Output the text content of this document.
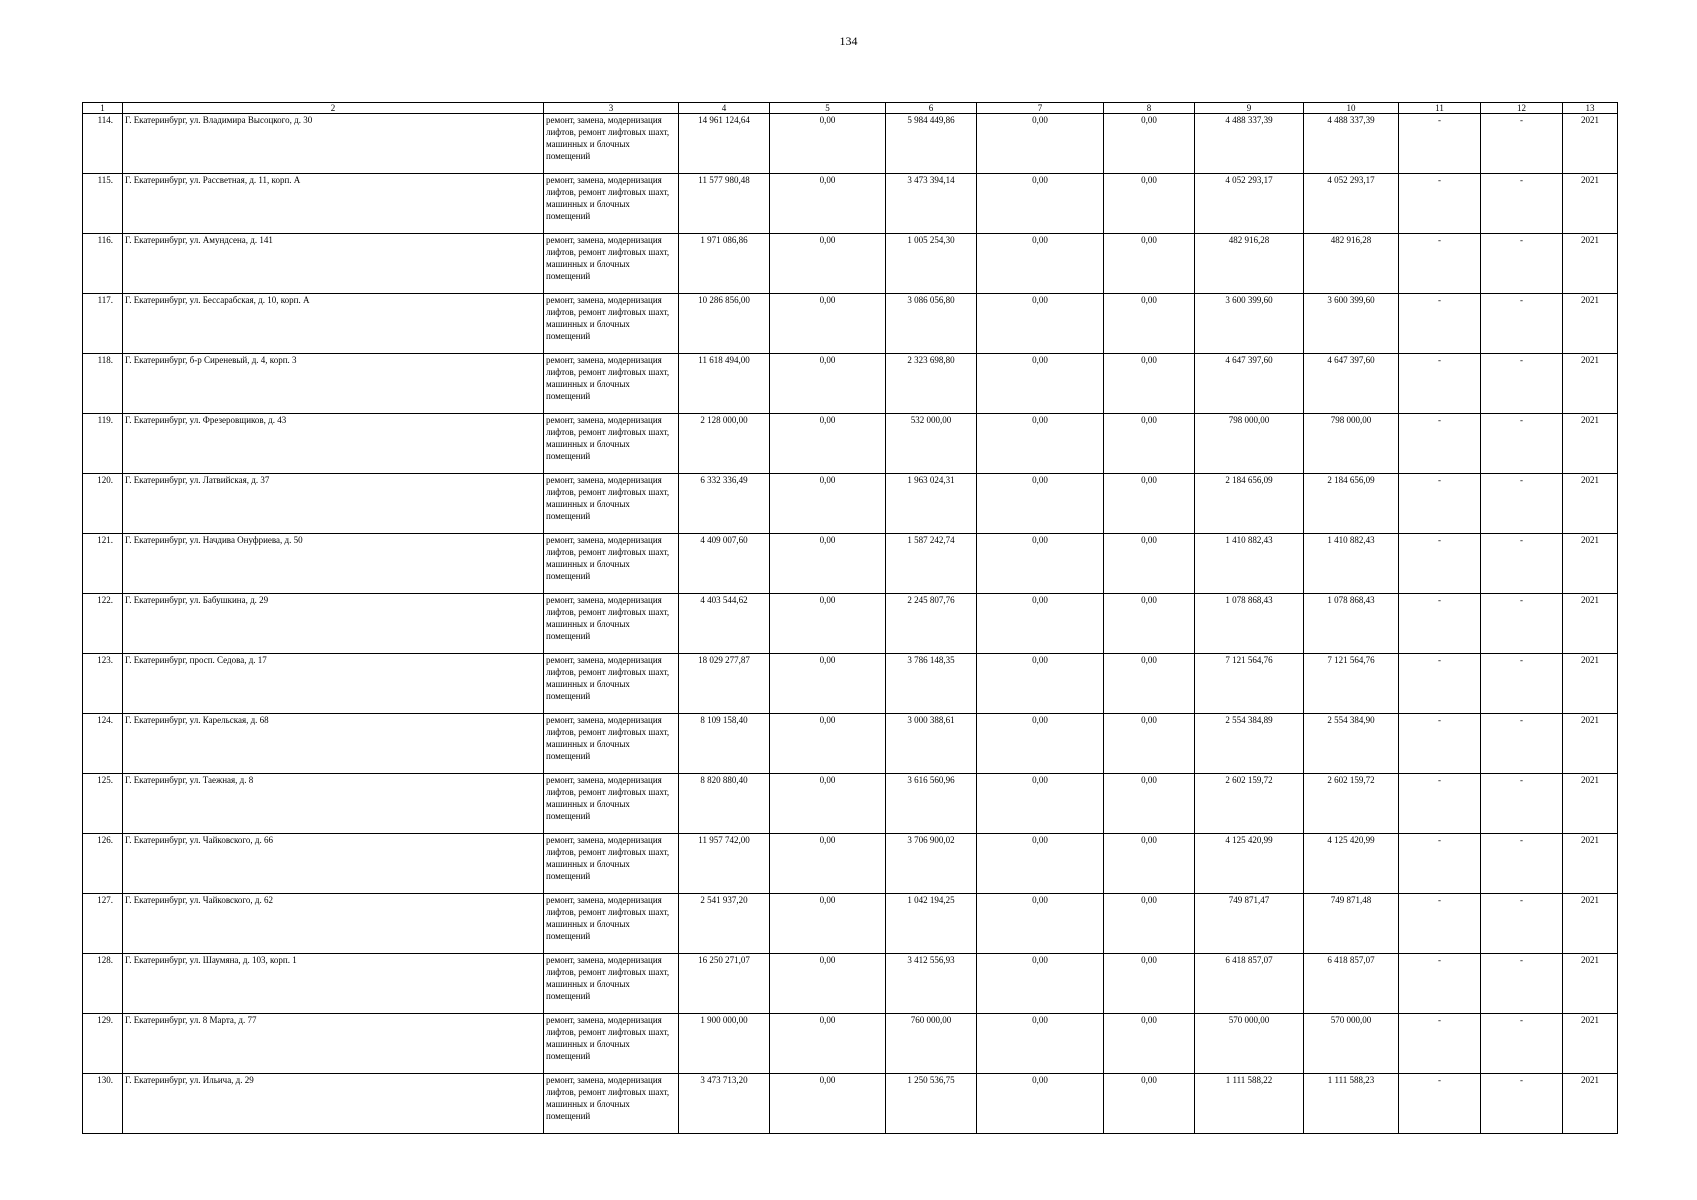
134
1	2	3	4	5	6	7	8	9	10	11	12	13
114.	Г. Екатеринбург, ул. Владимира Высоцкого, д. 30	ремонт, замена, модернизация лифтов, ремонт лифтовых шахт, машинных и блочных помещений	14 961 124,64	0,00	5 984 449,86	0,00	0,00	4 488 337,39	4 488 337,39	-	-	2021
115.	Г. Екатеринбург, ул. Рассветная, д. 11, корп. А	ремонт, замена, модернизация лифтов, ремонт лифтовых шахт, машинных и блочных помещений	11 577 980,48	0,00	3 473 394,14	0,00	0,00	4 052 293,17	4 052 293,17	-	-	2021
116.	Г. Екатеринбург, ул. Амундсена, д. 141	ремонт, замена, модернизация лифтов, ремонт лифтовых шахт, машинных и блочных помещений	1 971 086,86	0,00	1 005 254,30	0,00	0,00	482 916,28	482 916,28	-	-	2021
117.	Г. Екатеринбург, ул. Бессарабская, д. 10, корп. А	ремонт, замена, модернизация лифтов, ремонт лифтовых шахт, машинных и блочных помещений	10 286 856,00	0,00	3 086 056,80	0,00	0,00	3 600 399,60	3 600 399,60	-	-	2021
118.	Г. Екатеринбург, б-р Сиреневый, д. 4, корп. 3	ремонт, замена, модернизация лифтов, ремонт лифтовых шахт, машинных и блочных помещений	11 618 494,00	0,00	2 323 698,80	0,00	0,00	4 647 397,60	4 647 397,60	-	-	2021
119.	Г. Екатеринбург, ул. Фрезеровщиков, д. 43	ремонт, замена, модернизация лифтов, ремонт лифтовых шахт, машинных и блочных помещений	2 128 000,00	0,00	532 000,00	0,00	0,00	798 000,00	798 000,00	-	-	2021
120.	Г. Екатеринбург, ул. Латвийская, д. 37	ремонт, замена, модернизация лифтов, ремонт лифтовых шахт, машинных и блочных помещений	6 332 336,49	0,00	1 963 024,31	0,00	0,00	2 184 656,09	2 184 656,09	-	-	2021
121.	Г. Екатеринбург, ул. Начдива Онуфриева, д. 50	ремонт, замена, модернизация лифтов, ремонт лифтовых шахт, машинных и блочных помещений	4 409 007,60	0,00	1 587 242,74	0,00	0,00	1 410 882,43	1 410 882,43	-	-	2021
122.	Г. Екатеринбург, ул. Бабушкина, д. 29	ремонт, замена, модернизация лифтов, ремонт лифтовых шахт, машинных и блочных помещений	4 403 544,62	0,00	2 245 807,76	0,00	0,00	1 078 868,43	1 078 868,43	-	-	2021
123.	Г. Екатеринбург, просп. Седова, д. 17	ремонт, замена, модернизация лифтов, ремонт лифтовых шахт, машинных и блочных помещений	18 029 277,87	0,00	3 786 148,35	0,00	0,00	7 121 564,76	7 121 564,76	-	-	2021
124.	Г. Екатеринбург, ул. Карельская, д. 68	ремонт, замена, модернизация лифтов, ремонт лифтовых шахт, машинных и блочных помещений	8 109 158,40	0,00	3 000 388,61	0,00	0,00	2 554 384,89	2 554 384,90	-	-	2021
125.	Г. Екатеринбург, ул. Таежная, д. 8	ремонт, замена, модернизация лифтов, ремонт лифтовых шахт, машинных и блочных помещений	8 820 880,40	0,00	3 616 560,96	0,00	0,00	2 602 159,72	2 602 159,72	-	-	2021
126.	Г. Екатеринбург, ул. Чайковского, д. 66	ремонт, замена, модернизация лифтов, ремонт лифтовых шахт, машинных и блочных помещений	11 957 742,00	0,00	3 706 900,02	0,00	0,00	4 125 420,99	4 125 420,99	-	-	2021
127.	Г. Екатеринбург, ул. Чайковского, д. 62	ремонт, замена, модернизация лифтов, ремонт лифтовых шахт, машинных и блочных помещений	2 541 937,20	0,00	1 042 194,25	0,00	0,00	749 871,47	749 871,48	-	-	2021
128.	Г. Екатеринбург, ул. Шаумяна, д. 103, корп. 1	ремонт, замена, модернизация лифтов, ремонт лифтовых шахт, машинных и блочных помещений	16 250 271,07	0,00	3 412 556,93	0,00	0,00	6 418 857,07	6 418 857,07	-	-	2021
129.	Г. Екатеринбург, ул. 8 Марта, д. 77	ремонт, замена, модернизация лифтов, ремонт лифтовых шахт, машинных и блочных помещений	1 900 000,00	0,00	760 000,00	0,00	0,00	570 000,00	570 000,00	-	-	2021
130.	Г. Екатеринбург, ул. Ильича, д. 29	ремонт, замена, модернизация лифтов, ремонт лифтовых шахт, машинных и блочных помещений	3 473 713,20	0,00	1 250 536,75	0,00	0,00	1 111 588,22	1 111 588,23	-	-	2021
